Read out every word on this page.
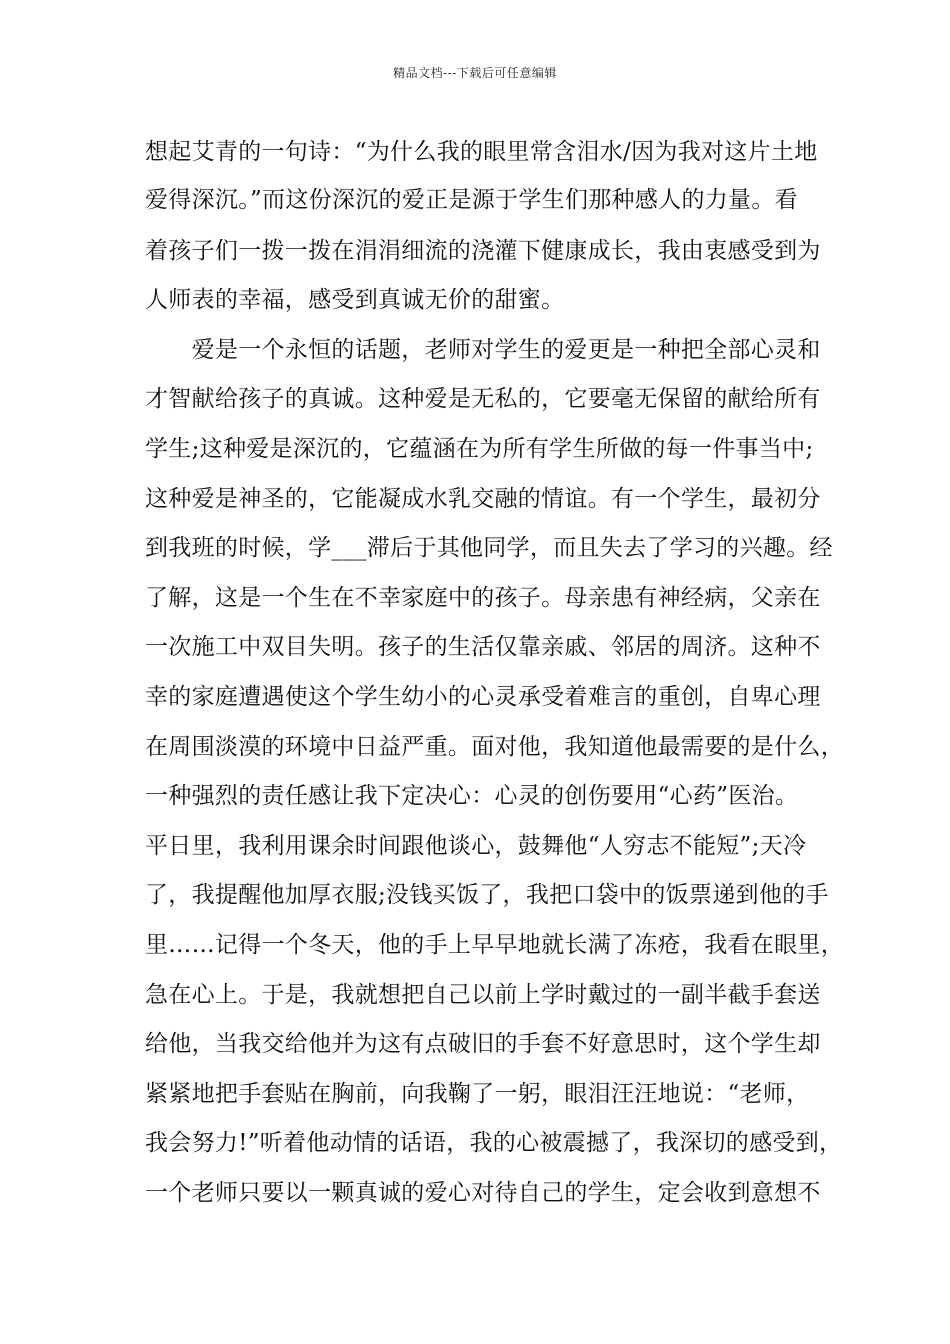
精品文档---下载后可任意编辑
想起艾青的一句诗：“为什么我的眼里常含泪水/因为我对这片土地
爱得深沉。”而这份深沉的爱正是源于学生们那种感人的力量。看
着孩子们一拨一拨在涓涓细流的浇灌下健康成长，我由衷感受到为
人师表的幸福，感受到真诚无价的甜蜜。
　　爱是一个永恒的话题，老师对学生的爱更是一种把全部心灵和
才智献给孩子的真诚。这种爱是无私的，它要毫无保留的献给所有
学生;这种爱是深沉的，它蕴涵在为所有学生所做的每一件事当中;
这种爱是神圣的，它能凝成水乳交融的情谊。有一个学生，最初分
到我班的时候，学___滞后于其他同学，而且失去了学习的兴趣。经
了解，这是一个生在不幸家庭中的孩子。母亲患有神经病，父亲在
一次施工中双目失明。孩子的生活仅靠亲戚、邻居的周济。这种不
幸的家庭遭遇使这个学生幼小的心灵承受着难言的重创，自卑心理
在周围淡漠的环境中日益严重。面对他，我知道他最需要的是什么，
一种强烈的责任感让我下定决心：心灵的创伤要用“心药”医治。
平日里，我利用课余时间跟他谈心，鼓舞他“人穷志不能短”;天冷
了，我提醒他加厚衣服;没钱买饭了，我把口袋中的饭票递到他的手
里……记得一个冬天，他的手上早早地就长满了冻疮，我看在眼里，
急在心上。于是，我就想把自己以前上学时戴过的一副半截手套送
给他，当我交给他并为这有点破旧的手套不好意思时，这个学生却
紧紧地把手套贴在胸前，向我鞠了一躬，眼泪汪汪地说：“老师，
我会努力!”听着他动情的话语，我的心被震撼了，我深切的感受到，
一个老师只要以一颗真诚的爱心对待自己的学生，定会收到意想不
